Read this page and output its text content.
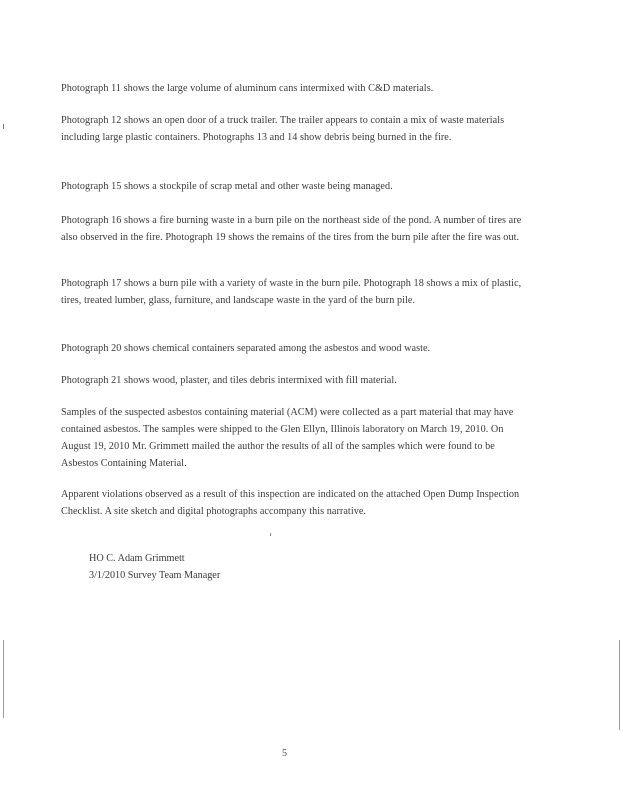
Photograph 11 shows the large volume of aluminum cans intermixed with C&D materials.

Photograph 12 shows an open door of a truck trailer. The trailer appears to contain a mix of waste materials including large plastic containers. Photographs 13 and 14 show debris being burned in the fire.

Photograph 15 shows a stockpile of scrap metal and other waste being managed.

Photograph 16 shows a fire burning waste in a burn pile on the northeast side of the pond. A number of tires are also observed in the fire. Photograph 19 shows the remains of the tires from the burn pile after the fire was out.

Photograph 17 shows a burn pile with a variety of waste in the burn pile. Photograph 18 shows a mix of plastic, tires, treated lumber, glass, furniture, and landscape waste in the yard of the burn pile.

Photograph 20 shows chemical containers separated among the asbestos and wood waste.

Photograph 21 shows wood, plaster, and tiles debris intermixed with fill material.

Samples of the suspected asbestos containing material (ACM) were collected as a part material that may have contained asbestos. The samples were shipped to the Glen Ellyn, Illinois laboratory on March 19, 2010. On August 19, 2010 Mr. Grimmett mailed the author the results of all of the samples which were found to be Asbestos Containing Material.

Apparent violations observed as a result of this inspection are indicated on the attached Open Dump Inspection Checklist. A site sketch and digital photographs accompany this narrative.

HO C. Adam Grimmett
3/1/2010 Survey Team Manager
5
